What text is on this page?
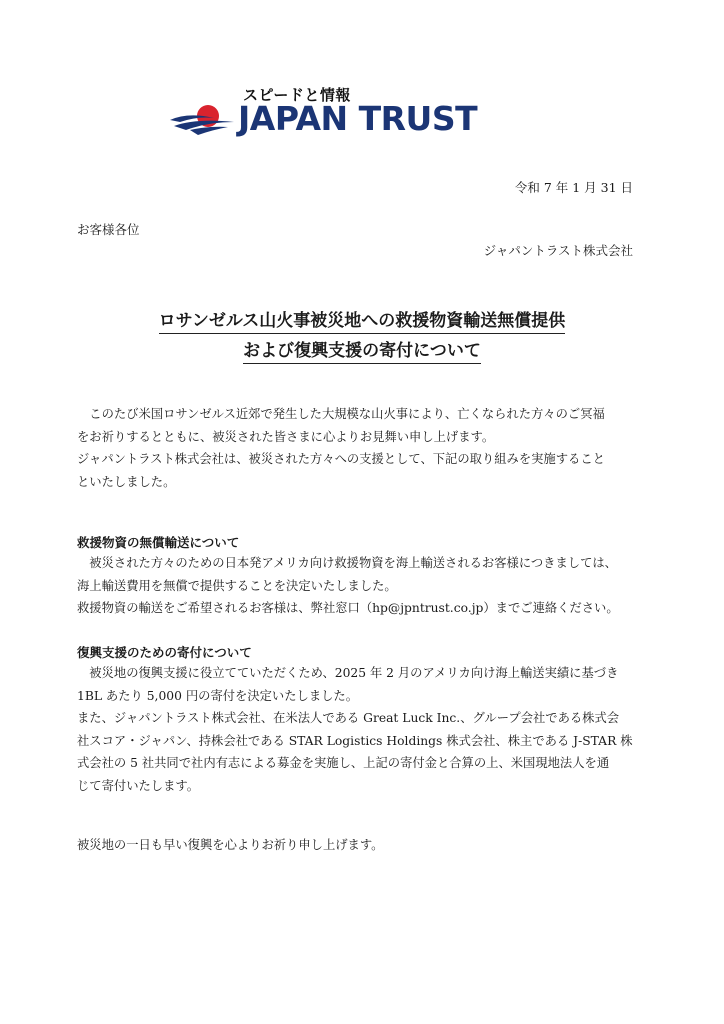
スピードと情報
JAPAN TRUST
令和 7 年 1 月 31 日
お客様各位
ジャパントラスト株式会社
ロサンゼルス山火事被災地への救援物資輸送無償提供
および復興支援の寄付について
　このたび米国ロサンゼルス近郊で発生した大規模な山火事により、亡くなられた方々のご冥福
をお祈りするとともに、被災された皆さまに心よりお見舞い申し上げます。
ジャパントラスト株式会社は、被災された方々への支援として、下記の取り組みを実施すること
といたしました。
救援物資の無償輸送について
　被災された方々のための日本発アメリカ向け救援物資を海上輸送されるお客様につきましては、
海上輸送費用を無償で提供することを決定いたしました。
救援物資の輸送をご希望されるお客様は、弊社窓口（hp@jpntrust.co.jp）までご連絡ください。
復興支援のための寄付について
　被災地の復興支援に役立てていただくため、2025 年 2 月のアメリカ向け海上輸送実績に基づき
1BL あたり 5,000 円の寄付を決定いたしました。
また、ジャパントラスト株式会社、在米法人である Great Luck Inc.、グループ会社である株式会
社スコア・ジャパン、持株会社である STAR Logistics Holdings 株式会社、株主である J-STAR 株
式会社の 5 社共同で社内有志による募金を実施し、上記の寄付金と合算の上、米国現地法人を通
じて寄付いたします。
被災地の一日も早い復興を心よりお祈り申し上げます。
